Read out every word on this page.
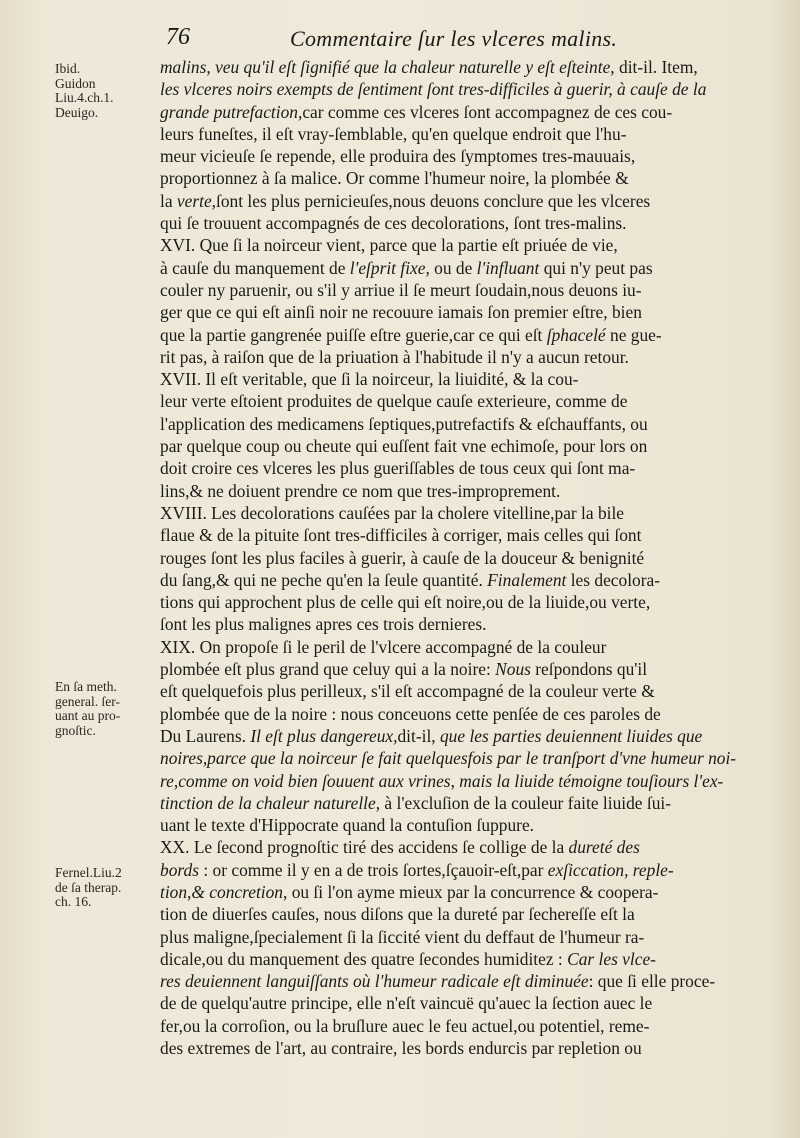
76	Commentaire ſur les vlceres malins.
Ibid.
Guidon
Liu.4.ch.1.
Deuigo.
En ſa meth.
general. ſer-
uant au pro-
gnoſtic.
Fernel.Liu.2
de ſa therap.
ch. 16.
malins, veu qu'il eſt ſignifié que la chaleur naturelle y eſt eſteinte, dit-il. Item,
les vlceres noirs exempts de ſentiment ſont tres-difficiles à guerir, à cauſe de la
grande putrefaction,car comme ces vlceres ſont accompagnez de ces cou-
leurs funeſtes, il eſt vray-ſemblable, qu'en quelque endroit que l'hu-
meur vicieuſe ſe repende, elle produira des ſymptomes tres-mauuais,
proportionnez à ſa malice. Or comme l'humeur noire, la plombée &
la verte,ſont les plus pernicieuſes,nous deuons conclure que les vlceres
qui ſe trouuent accompagnés de ces decolorations, ſont tres-malins.
XVI. Que ſi la noirceur vient, parce que la partie eſt priuée de vie,
à cauſe du manquement de l'eſprit fixe, ou de l'influant qui n'y peut pas
couler ny paruenir, ou s'il y arriue il ſe meurt ſoudain,nous deuons iu-
ger que ce qui eſt ainſi noir ne recouure iamais ſon premier eſtre, bien
que la partie gangrenée puiſſe eſtre guerie,car ce qui eſt ſphacelé ne gue-
rit pas, à raiſon que de la priuation à l'habitude il n'y a aucun retour.
XVII. Il eſt veritable, que ſi la noirceur, la liuidité, & la cou-
leur verte eſtoient produites de quelque cauſe exterieure, comme de
l'application des medicamens ſeptiques,putrefactifs & eſchauffants, ou
par quelque coup ou cheute qui euſſent fait vne echimoſe, pour lors on
doit croire ces vlceres les plus gueriſſables de tous ceux qui ſont ma-
lins,& ne doiuent prendre ce nom que tres-improprement.
XVIII. Les decolorations cauſées par la cholere vitelline,par la bile
flaue & de la pituite ſont tres-difficiles à corriger, mais celles qui ſont
rouges ſont les plus faciles à guerir, à cauſe de la douceur & benignité
du ſang,& qui ne peche qu'en la ſeule quantité. Finalement les decolora-
tions qui approchent plus de celle qui eſt noire,ou de la liuide,ou verte,
ſont les plus malignes apres ces trois dernieres.
XIX. On propoſe ſi le peril de l'vlcere accompagné de la couleur
plombée eſt plus grand que celuy qui a la noire: Nous reſpondons qu'il
eſt quelquefois plus perilleux, s'il eſt accompagné de la couleur verte &
plombée que de la noire : nous conceuons cette penſée de ces paroles de
Du Laurens. Il eſt plus dangereux,dit-il, que les parties deuiennent liuides que
noires,parce que la noirceur ſe fait quelquesfois par le tranſport d'vne humeur noi-
re,comme on void bien ſouuent aux vrines, mais la liuide témoigne touſiours l'ex-
tinction de la chaleur naturelle, à l'excluſion de la couleur faite liuide ſui-
uant le texte d'Hippocrate quand la contuſion ſuppure.
XX. Le ſecond prognoſtic tiré des accidens ſe collige de la dureté des
bords : or comme il y en a de trois ſortes,ſçauoir-eſt,par exſiccation, reple-
tion,& concretion, ou ſi l'on ayme mieux par la concurrence & coopera-
tion de diuerſes cauſes, nous diſons que la dureté par ſechereſſe eſt la
plus maligne,ſpecialement ſi la ſiccité vient du deffaut de l'humeur ra-
dicale,ou du manquement des quatre ſecondes humiditez : Car les vlce-
res deuiennent languiſſants où l'humeur radicale eſt diminuée: que ſi elle proce-
de de quelqu'autre principe, elle n'eſt vaincuë qu'auec la ſection auec le
fer,ou la corroſion, ou la bruſlure auec le feu actuel,ou potentiel, reme-
des extremes de l'art, au contraire, les bords endurcis par repletion ou
